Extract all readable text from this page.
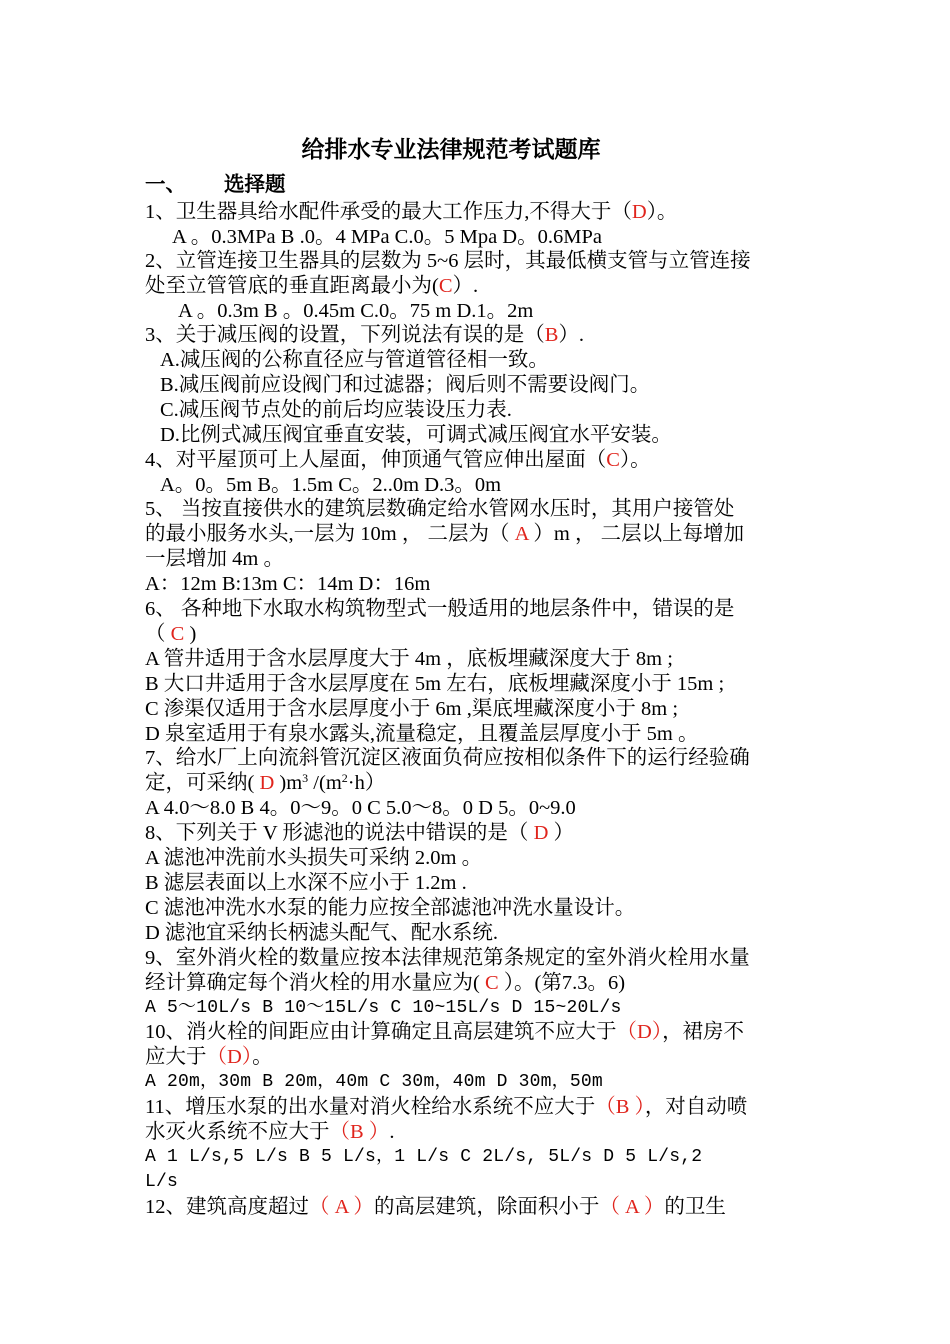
给排水专业法律规范考试题库
一、 选择题
1、卫生器具给水配件承受的最大工作压力,不得大于（D）。
A 。0.3MPa B .0。4 MPa C.0。5 Mpa D。0.6MPa
2、立管连接卫生器具的层数为 5~6 层时，其最低横支管与立管连接
处至立管管底的垂直距离最小为(C）.
A 。0.3m B 。0.45m C.0。75 m D.1。2m
3、关于减压阀的设置，下列说法有误的是（B）.
A.减压阀的公称直径应与管道管径相一致。
B.减压阀前应设阀门和过滤器；阀后则不需要设阀门。
C.减压阀节点处的前后均应装设压力表.
D.比例式减压阀宜垂直安装，可调式减压阀宜水平安装。
4、对平屋顶可上人屋面，伸顶通气管应伸出屋面（C）。
A。0。5m B。1.5m C。2..0m D.3。0m
5、 当按直接供水的建筑层数确定给水管网水压时，其用户接管处
的最小服务水头,一层为 10m ， 二层为（ A ）m ， 二层以上每增加
一层增加 4m 。
A：12m B:13m C：14m D：16m
6、 各种地下水取水构筑物型式一般适用的地层条件中，错误的是
（ C )
A 管井适用于含水层厚度大于 4m ，底板埋藏深度大于 8m ;
B 大口井适用于含水层厚度在 5m 左右，底板埋藏深度小于 15m ;
C 渗渠仅适用于含水层厚度小于 6m ,渠底埋藏深度小于 8m ;
D 泉室适用于有泉水露头,流量稳定，且覆盖层厚度小于 5m 。
7、给水厂上向流斜管沉淀区液面负荷应按相似条件下的运行经验确
定，可采纳( D )$m^3$ $/(m^2\cdot h)$
A 4.0～8.0 B 4。0～9。0 C 5.0～8。0 D 5。0~9.0
8、下列关于 V 形滤池的说法中错误的是（ D ）
A 滤池冲洗前水头损失可采纳 2.0m 。
B 滤层表面以上水深不应小于 1.2m .
C 滤池冲洗水水泵的能力应按全部滤池冲洗水量设计。
D 滤池宜采纳长柄滤头配气、配水系统.
9、室外消火栓的数量应按本法律规范第条规定的室外消火栓用水量
经计算确定每个消火栓的用水量应为( C ）。(第7.3。6)
A 5～10L/s B 10～15L/s C 10~15L/s D 15~20L/s
10、消火栓的间距应由计算确定且高层建筑不应大于（D），裙房不
应大于（D）。
A 20m，30m B 20m，40m C 30m，40m D 30m，50m
11、增压水泵的出水量对消火栓给水系统不应大于（B ），对自动喷
水灭火系统不应大于（B ）.
A 1 L/s,5 L/s B 5 L/s，1 L/s C 2L/s, 5L/s D 5 L/s,2
L/s
12、建筑高度超过（ A ）的高层建筑，除面积小于（ A ）的卫生
